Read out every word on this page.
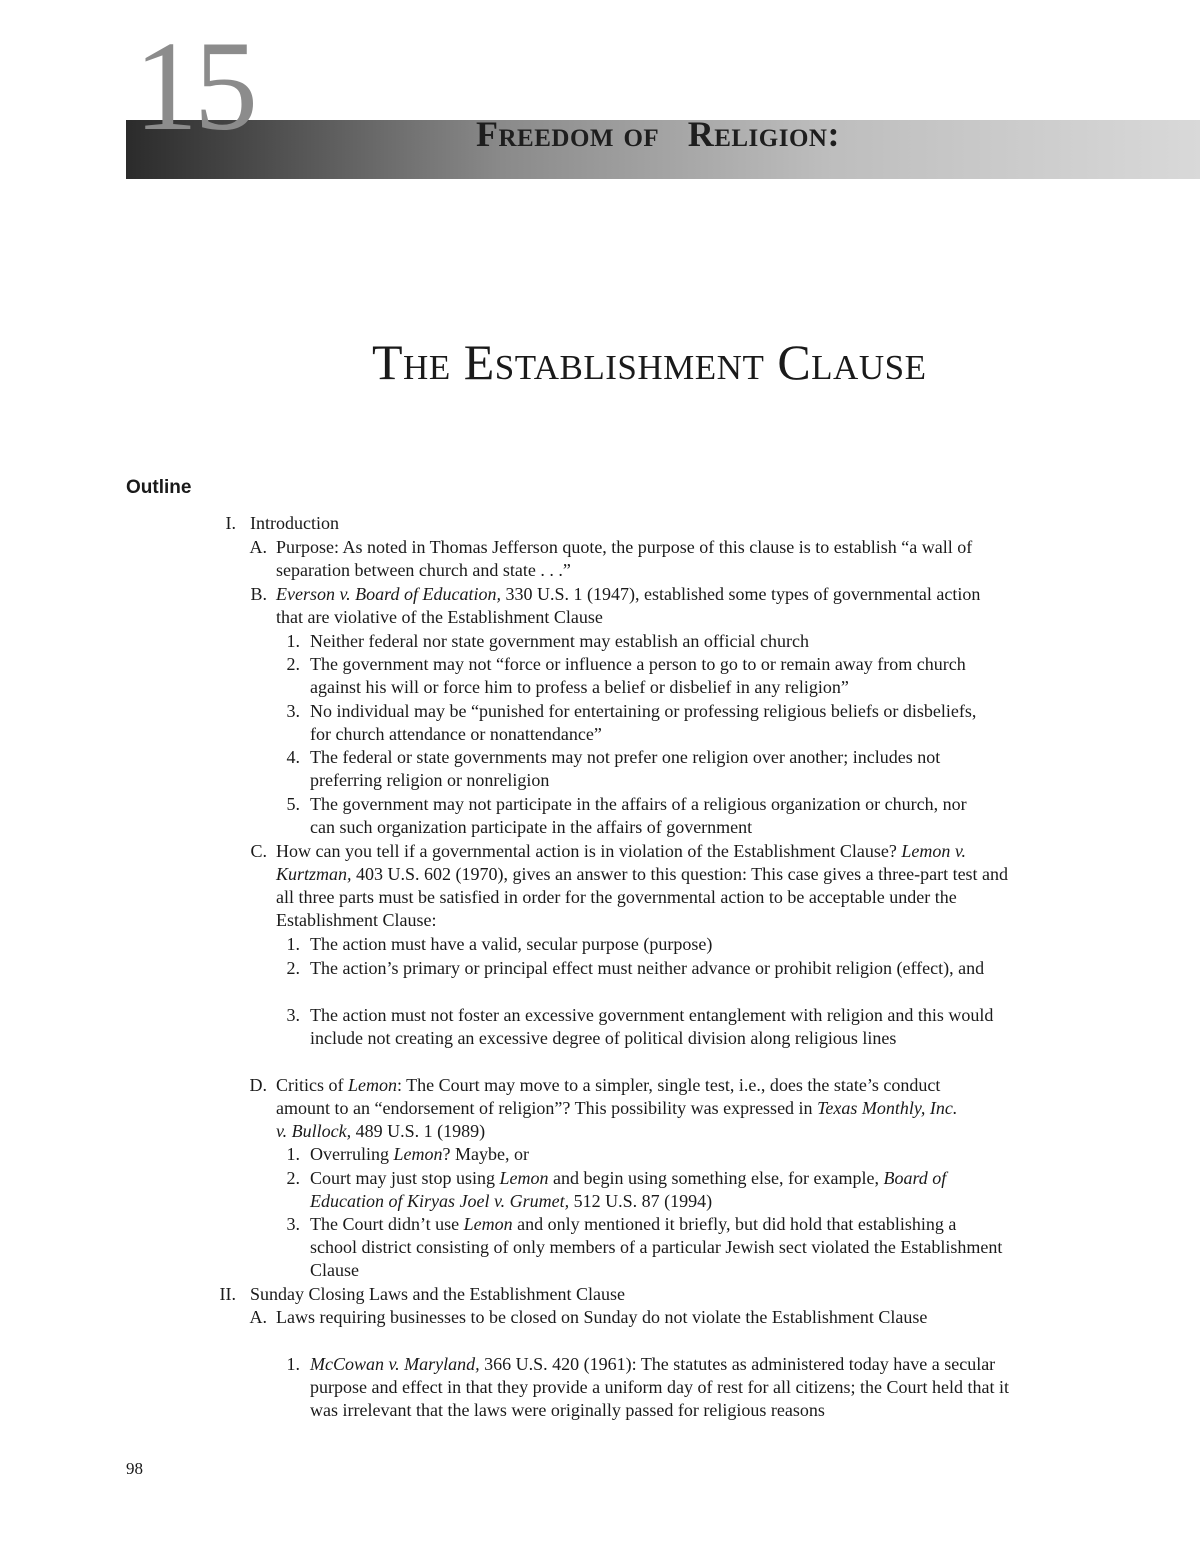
15	Freedom of   Religion:
The Establishment Clause
Outline
I. Introduction
A. Purpose: As noted in Thomas Jefferson quote, the purpose of this clause is to establish “a wall of
separation between church and state . . .”
B. Everson v. Board of Education, 330 U.S. 1 (1947), established some types of governmental action
that are violative of the Establishment Clause
1. Neither federal nor state government may establish an official church
2. The government may not “force or influence a person to go to or remain away from church
against his will or force him to profess a belief or disbelief in any religion”
3. No individual may be “punished for entertaining or professing religious beliefs or disbeliefs,
for church attendance or nonattendance”
4. The federal or state governments may not prefer one religion over another; includes not
preferring religion or nonreligion
5. The government may not participate in the affairs of a religious organization or church, nor
can such organization participate in the affairs of government
C. How can you tell if a governmental action is in violation of the Establishment Clause? Lemon v.
Kurtzman, 403 U.S. 602 (1970), gives an answer to this question: This case gives a three-part test and
all three parts must be satisfied in order for the governmental action to be acceptable under the
Establishment Clause:
1. The action must have a valid, secular purpose (purpose)
2. The action’s primary or principal effect must neither advance or prohibit religion (effect), and
3. The action must not foster an excessive government entanglement with religion and this would
include not creating an excessive degree of political division along religious lines
D. Critics of Lemon: The Court may move to a simpler, single test, i.e., does the state’s conduct
amount to an “endorsement of religion”? This possibility was expressed in Texas Monthly, Inc.
v. Bullock, 489 U.S. 1 (1989)
1. Overruling Lemon? Maybe, or
2. Court may just stop using Lemon and begin using something else, for example, Board of
Education of Kiryas Joel v. Grumet, 512 U.S. 87 (1994)
3. The Court didn’t use Lemon and only mentioned it briefly, but did hold that establishing a
school district consisting of only members of a particular Jewish sect violated the Establishment
Clause
II. Sunday Closing Laws and the Establishment Clause
A. Laws requiring businesses to be closed on Sunday do not violate the Establishment Clause
1. McCowan v. Maryland, 366 U.S. 420 (1961): The statutes as administered today have a secular
purpose and effect in that they provide a uniform day of rest for all citizens; the Court held that it
was irrelevant that the laws were originally passed for religious reasons
98
